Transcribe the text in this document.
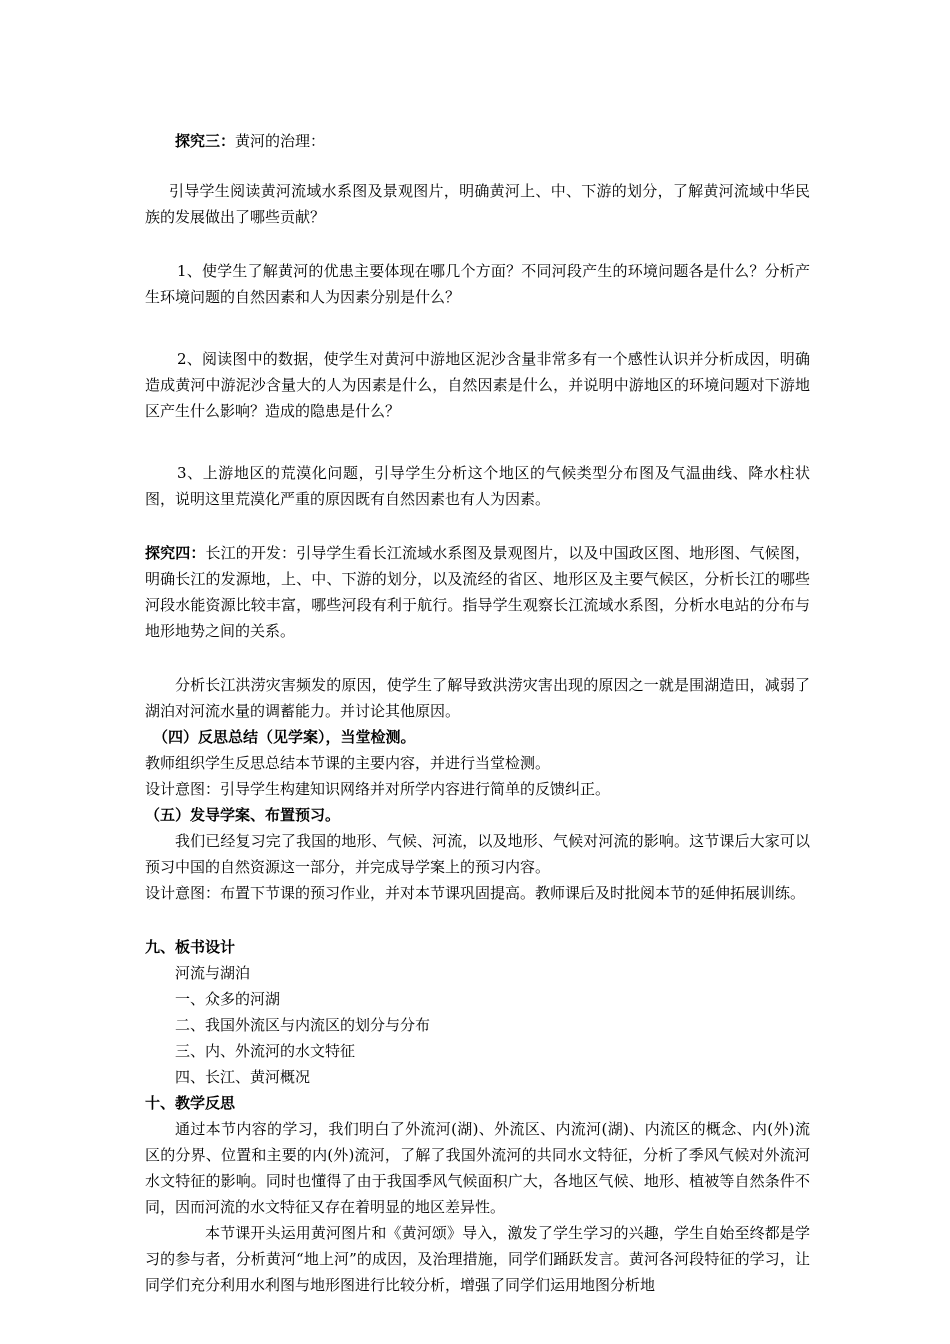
探究三：黄河的治理：

引导学生阅读黄河流域水系图及景观图片，明确黄河上、中、下游的划分，了解黄河流域中华民族的发展做出了哪些贡献？

1、使学生了解黄河的优患主要体现在哪几个方面？不同河段产生的环境问题各是什么？分析产生环境问题的自然因素和人为因素分别是什么？

2、阅读图中的数据，使学生对黄河中游地区泥沙含量非常多有一个感性认识并分析成因，明确造成黄河中游泥沙含量大的人为因素是什么，自然因素是什么，并说明中游地区的环境问题对下游地区产生什么影响？造成的隐患是什么？

3、上游地区的荒漠化问题，引导学生分析这个地区的气候类型分布图及气温曲线、降水柱状图，说明这里荒漠化严重的原因既有自然因素也有人为因素。

探究四：长江的开发：引导学生看长江流域水系图及景观图片，以及中国政区图、地形图、气候图，明确长江的发源地，上、中、下游的划分，以及流经的省区、地形区及主要气候区，分析长江的哪些河段水能资源比较丰富，哪些河段有利于航行。指导学生观察长江流域水系图，分析水电站的分布与地形地势之间的关系。

分析长江洪涝灾害频发的原因，使学生了解导致洪涝灾害出现的原因之一就是围湖造田，减弱了湖泊对河流水量的调蓄能力。并讨论其他原因。

（四）反思总结（见学案），当堂检测。

教师组织学生反思总结本节课的主要内容，并进行当堂检测。

设计意图：引导学生构建知识网络并对所学内容进行简单的反馈纠正。

（五）发导学案、布置预习。

我们已经复习完了我国的地形、气候、河流，以及地形、气候对河流的影响。这节课后大家可以预习中国的自然资源这一部分，并完成导学案上的预习内容。

设计意图：布置下节课的预习作业，并对本节课巩固提高。教师课后及时批阅本节的延伸拓展训练。

九、板书设计

河流与湖泊

一、众多的河湖

二、我国外流区与内流区的划分与分布

三、内、外流河的水文特征

四、长江、黄河概况

十、教学反思

通过本节内容的学习，我们明白了外流河(湖)、外流区、内流河(湖)、内流区的概念、内(外)流区的分界、位置和主要的内(外)流河，了解了我国外流河的共同水文特征，分析了季风气候对外流河水文特征的影响。同时也懂得了由于我国季风气候面积广大，各地区气候、地形、植被等自然条件不同，因而河流的水文特征又存在着明显的地区差异性。

本节课开头运用黄河图片和《黄河颂》导入，激发了学生学习的兴趣，学生自始至终都是学习的参与者，分析黄河“地上河”的成因，及治理措施，同学们踊跃发言。黄河各河段特征的学习，让同学们充分利用水利图与地形图进行比较分析，增强了同学们运用地图分析地
